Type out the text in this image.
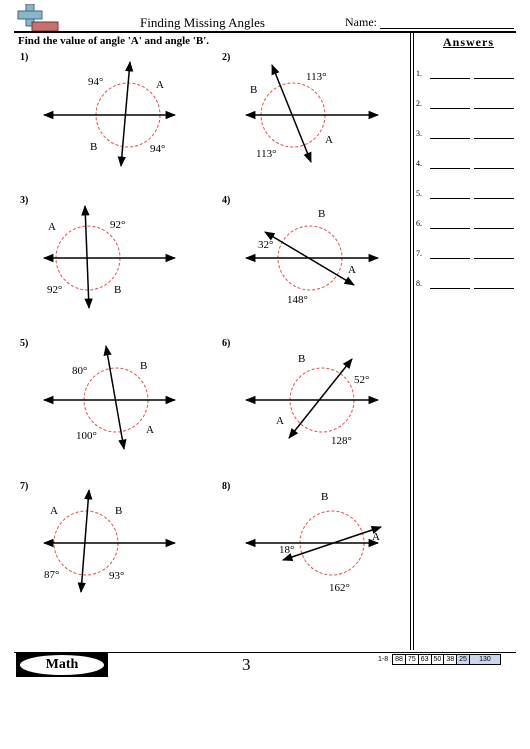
Finding Missing Angles	Name:
Find the value of angle 'A' and angle 'B'.	Answers
1.
2.
3.
4.
5.
6.
7.
8.
1)	2)
3)	4)
5)	6)
7)	8)
94°	A
B	94°
B
113°
113°
A
A	92°
92°	B
B
32°
A
148°
80°	B
100°	A
B
52°
A
128°
A	B
87°	93°
B
18°
A
162°
Math	3	1-8	88	75	63	50	38	25	130
